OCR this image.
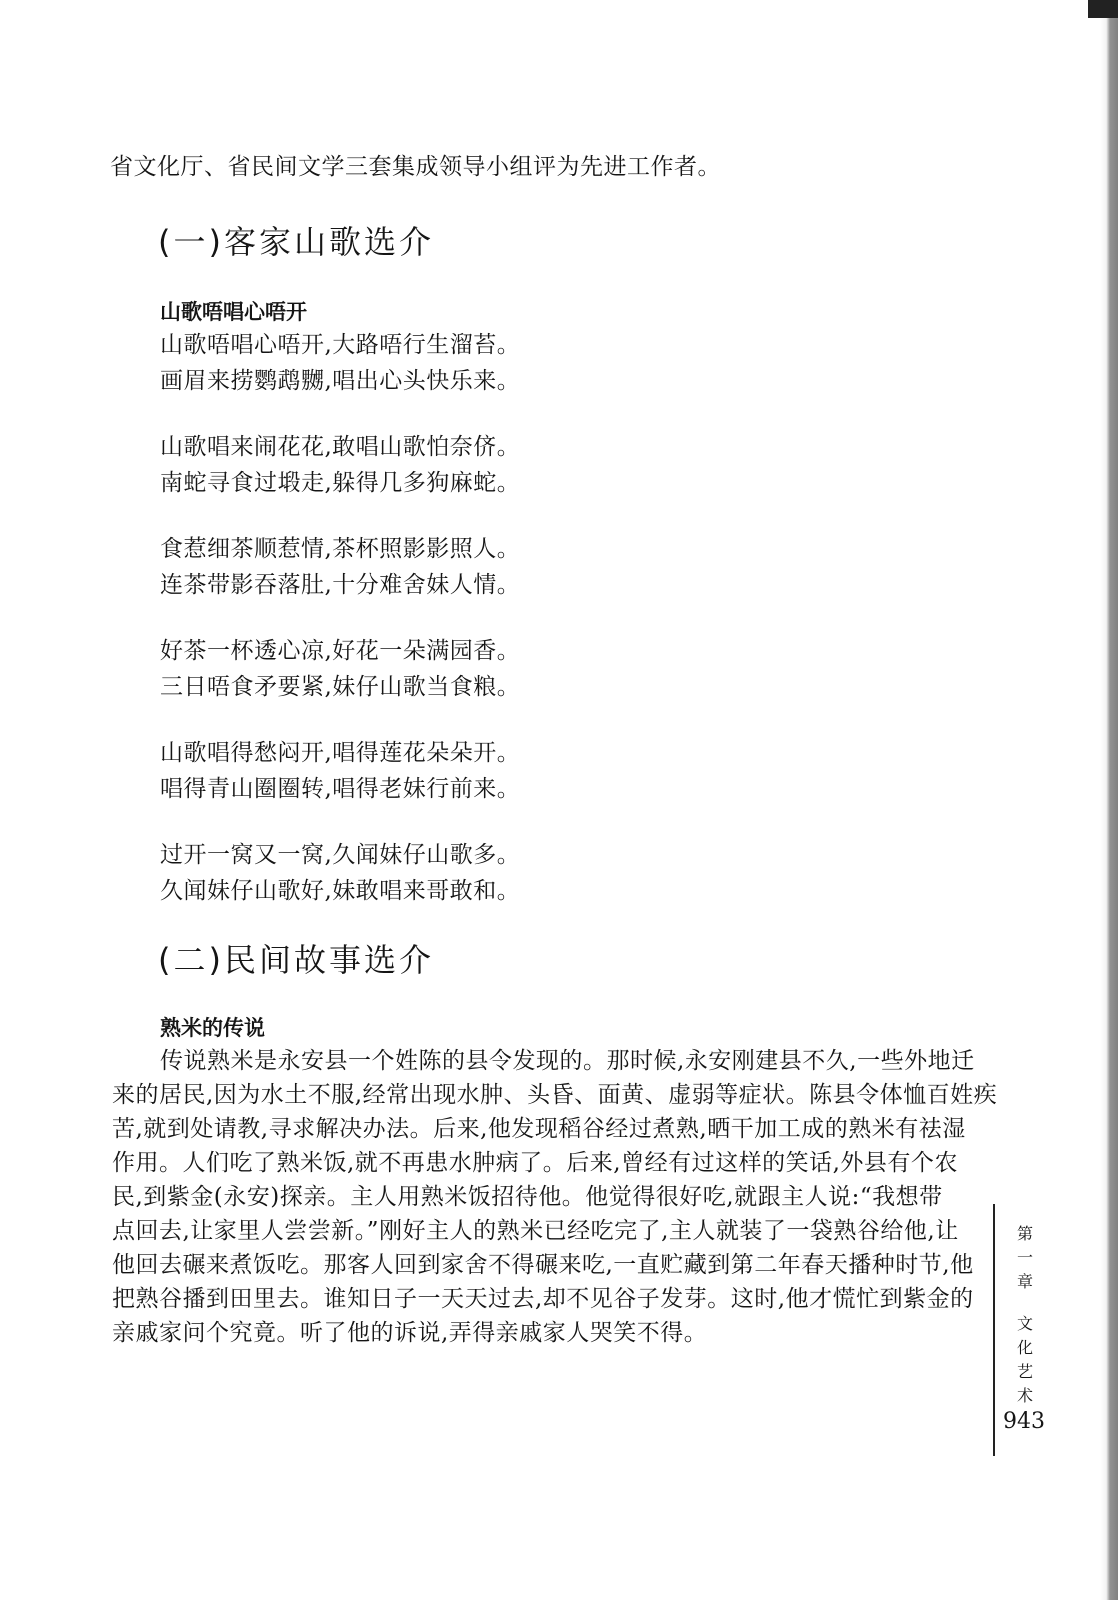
省文化厅、省民间文学三套集成领导小组评为先进工作者。
(一)客家山歌选介
山歌唔唱心唔开
山歌唔唱心唔开,大路唔行生溜苔。
画眉来捞鹦鹉嬲,唱出心头快乐来。
山歌唱来闹花花,敢唱山歌怕奈侪。
南蛇寻食过塅走,躲得几多狗麻蛇。
食惹细茶顺惹情,茶杯照影影照人。
连茶带影吞落肚,十分难舍妹人情。
好茶一杯透心凉,好花一朵满园香。
三日唔食矛要紧,妹仔山歌当食粮。
山歌唱得愁闷开,唱得莲花朵朵开。
唱得青山圈圈转,唱得老妹行前来。
过开一窝又一窝,久闻妹仔山歌多。
久闻妹仔山歌好,妹敢唱来哥敢和。
(二)民间故事选介
熟米的传说
传说熟米是永安县一个姓陈的县令发现的。那时候,永安刚建县不久,一些外地迁
来的居民,因为水土不服,经常出现水肿、头昏、面黄、虚弱等症状。陈县令体恤百姓疾
苦,就到处请教,寻求解决办法。后来,他发现稻谷经过煮熟,晒干加工成的熟米有祛湿
作用。人们吃了熟米饭,就不再患水肿病了。后来,曾经有过这样的笑话,外县有个农
民,到紫金(永安)探亲。主人用熟米饭招待他。他觉得很好吃,就跟主人说:“我想带
点回去,让家里人尝尝新。”刚好主人的熟米已经吃完了,主人就装了一袋熟谷给他,让
他回去碾来煮饭吃。那客人回到家舍不得碾来吃,一直贮藏到第二年春天播种时节,他
把熟谷播到田里去。谁知日子一天天过去,却不见谷子发芽。这时,他才慌忙到紫金的
亲戚家问个究竟。听了他的诉说,弄得亲戚家人哭笑不得。
第
一
章
文
化
艺
术
943
